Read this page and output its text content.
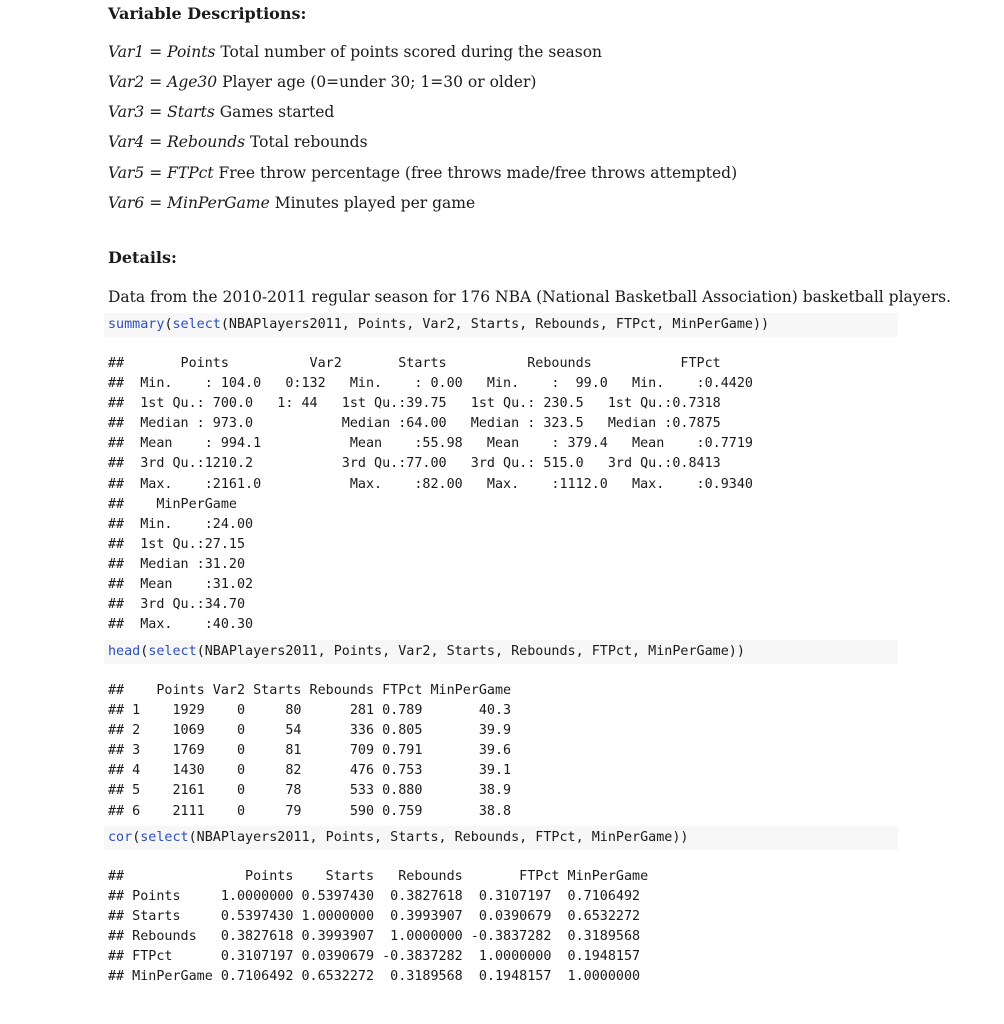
Variable Descriptions:
Var1 = Points Total number of points scored during the season
Var2 = Age30 Player age (0=under 30; 1=30 or older)
Var3 = Starts Games started
Var4 = Rebounds Total rebounds
Var5 = FTPct Free throw percentage (free throws made/free throws attempted)
Var6 = MinPerGame Minutes played per game
Details:
Data from the 2010-2011 regular season for 176 NBA (National Basketball Association) basketball players.
summary(select(NBAPlayers2011, Points, Var2, Starts, Rebounds, FTPct, MinPerGame))
##       Points          Var2       Starts          Rebounds           FTPct
##  Min.    : 104.0   0:132   Min.    : 0.00   Min.    :  99.0   Min.    :0.4420
##  1st Qu.: 700.0   1: 44   1st Qu.:39.75   1st Qu.: 230.5   1st Qu.:0.7318
##  Median : 973.0           Median :64.00   Median : 323.5   Median :0.7875
##  Mean    : 994.1           Mean    :55.98   Mean    : 379.4   Mean    :0.7719
##  3rd Qu.:1210.2           3rd Qu.:77.00   3rd Qu.: 515.0   3rd Qu.:0.8413
##  Max.    :2161.0           Max.    :82.00   Max.    :1112.0   Max.    :0.9340
##    MinPerGame
##  Min.    :24.00
##  1st Qu.:27.15
##  Median :31.20
##  Mean    :31.02
##  3rd Qu.:34.70
##  Max.    :40.30
head(select(NBAPlayers2011, Points, Var2, Starts, Rebounds, FTPct, MinPerGame))
##    Points Var2 Starts Rebounds FTPct MinPerGame
## 1    1929    0     80      281 0.789       40.3
## 2    1069    0     54      336 0.805       39.9
## 3    1769    0     81      709 0.791       39.6
## 4    1430    0     82      476 0.753       39.1
## 5    2161    0     78      533 0.880       38.9
## 6    2111    0     79      590 0.759       38.8
cor(select(NBAPlayers2011, Points, Starts, Rebounds, FTPct, MinPerGame))
##               Points    Starts   Rebounds       FTPct MinPerGame
## Points     1.0000000 0.5397430  0.3827618  0.3107197  0.7106492
## Starts     0.5397430 1.0000000  0.3993907  0.0390679  0.6532272
## Rebounds   0.3827618 0.3993907  1.0000000 -0.3837282  0.3189568
## FTPct      0.3107197 0.0390679 -0.3837282  1.0000000  0.1948157
## MinPerGame 0.7106492 0.6532272  0.3189568  0.1948157  1.0000000
